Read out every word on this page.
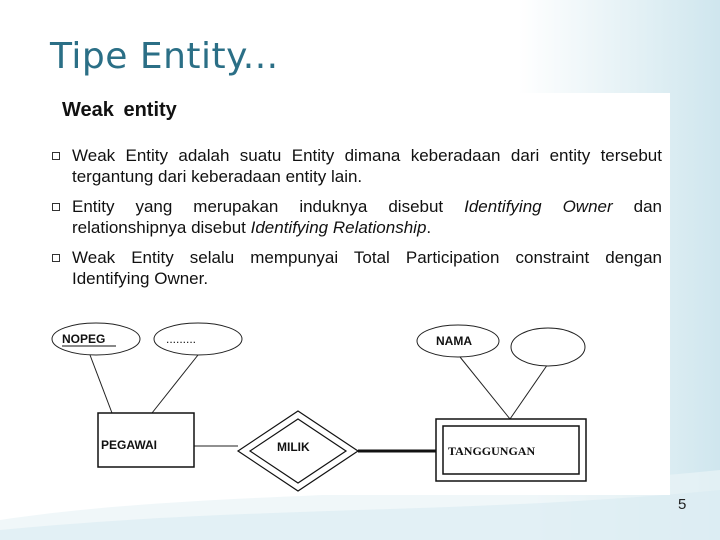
Tipe Entity...
Weak entity
Weak Entity adalah suatu Entity dimana keberadaan dari entity tersebut tergantung dari keberadaan entity lain.
Entity yang merupakan induknya disebut Identifying Owner dan relationshipnya disebut Identifying Relationship.
Weak Entity selalu mempunyai Total Participation constraint dengan Identifying Owner.
NOPEG	.........	NAMA
PEGAWAI	MILIK	TANGGUNGAN
5
